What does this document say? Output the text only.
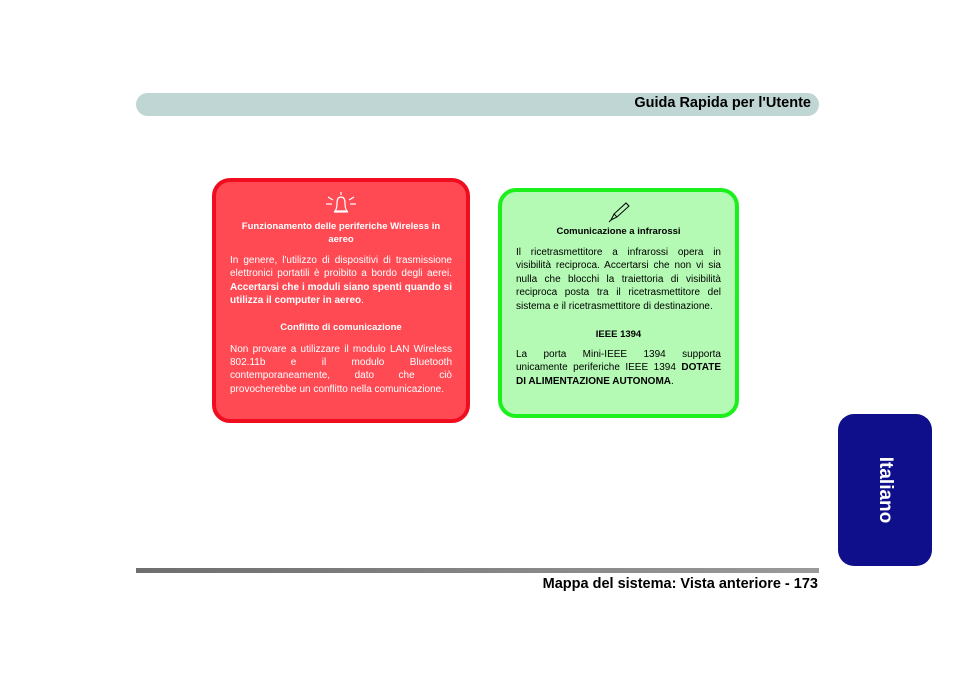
Guida Rapida per l'Utente
Funzionamento delle periferiche Wireless in aereo

In genere, l'utilizzo di dispositivi di trasmissione elettronici portatili è proibito a bordo degli aerei. Accertarsi che i moduli siano spenti quando si utilizza il computer in aereo.

Conflitto di comunicazione

Non provare a utilizzare il modulo LAN Wireless 802.11b e il modulo Bluetooth contemporaneamente, dato che ciò provocherebbe un conflitto nella comunicazione.

Comunicazione a infrarossi

Il ricetrasmettitore a infrarossi opera in visibilità reciproca. Accertarsi che non vi sia nulla che blocchi la traiettoria di visibilità reciproca posta tra il ricetrasmettitore del sistema e il ricetrasmettitore di destinazione.

IEEE 1394

La porta Mini-IEEE 1394 supporta unicamente periferiche IEEE 1394 DOTATE DI ALIMENTAZIONE AUTONOMA.

Italiano
Mappa del sistema: Vista anteriore - 173
